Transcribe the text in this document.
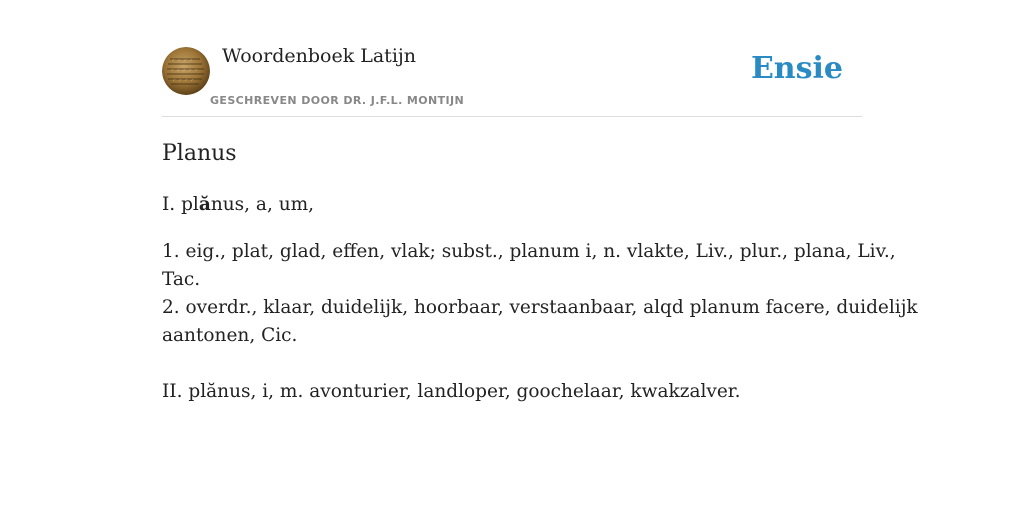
Woordenboek Latijn
GESCHREVEN DOOR DR. J.F.L. MONTIJN
Ensie
Planus
I. plănus, a, um,
1. eig., plat, glad, effen, vlak; subst., planum i, n. vlakte, Liv., plur., plana, Liv.,
Tac.
2. overdr., klaar, duidelijk, hoorbaar, verstaanbaar, alqd planum facere, duidelijk
aantonen, Cic.
II. plănus, i, m. avonturier, landloper, goochelaar, kwakzalver.
